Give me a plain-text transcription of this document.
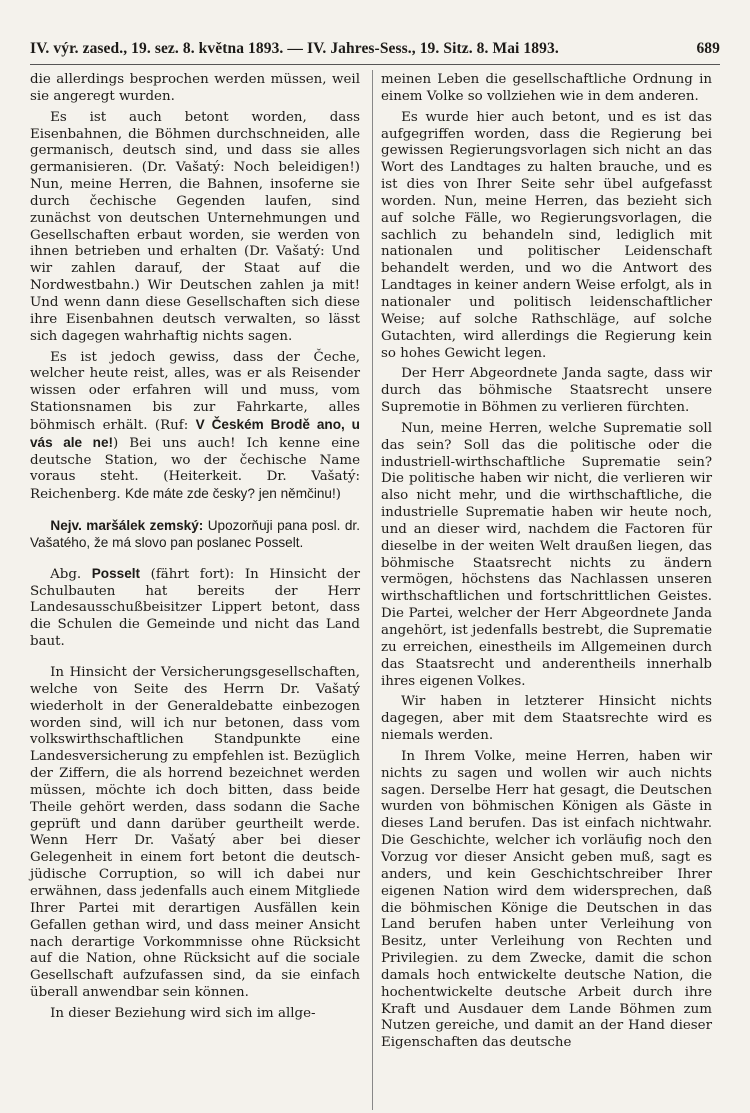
IV. výr. zased., 19. sez. 8. května 1893. — IV. Jahres-Sess., 19. Sitz. 8. Mai 1893.	689

die allerdings besprochen werden müssen, weil sie angeregt wurden.

Es ist auch betont worden, dass Eisenbahnen, die Böhmen durchschneiden, alle germanisch, deutsch sind, und dass sie alles germanisieren. (Dr. Vašatý: Noch beleidigen!) Nun, meine Herren, die Bahnen, insoferne sie durch čechische Gegenden laufen, sind zunächst von deutschen Unternehmungen und Gesellschaften erbaut worden, sie werden von ihnen betrieben und erhalten (Dr. Vašatý: Und wir zahlen darauf, der Staat auf die Nordwestbahn.) Wir Deutschen zahlen ja mit! Und wenn dann diese Gesellschaften sich diese ihre Eisenbahnen deutsch verwalten, so lässt sich dagegen wahrhaftig nichts sagen.

Es ist jedoch gewiss, dass der Čeche, welcher heute reist, alles, was er als Reisender wissen oder erfahren will und muss, vom Stationsnamen bis zur Fahrkarte, alles böhmisch erhält. (Ruf: V Českém Brodě ano, u vás ale ne!) Bei uns auch! Ich kenne eine deutsche Station, wo der čechische Name voraus steht. (Heiterkeit. Dr. Vašatý: Reichenberg. Kde máte zde česky? jen němčinu!)

Nejv. maršálek zemský: Upozorňuji pana posl. dr. Vašatého, že má slovo pan poslanec Posselt.

Abg. Posselt (fährt fort): In Hinsicht der Schulbauten hat bereits der Herr Landesausschußbeisitzer Lippert betont, dass die Schulen die Gemeinde und nicht das Land baut.

In Hinsicht der Versicherungsgesellschaften, welche von Seite des Herrn Dr. Vašatý wiederholt in der Generaldebatte einbezogen worden sind, will ich nur betonen, dass vom volkswirthschaftlichen Standpunkte eine Landesversicherung zu empfehlen ist. Bezüglich der Ziffern, die als horrend bezeichnet werden müssen, möchte ich doch bitten, dass beide Theile gehört werden, dass sodann die Sache geprüft und dann darüber geurtheilt werde. Wenn Herr Dr. Vašatý aber bei dieser Gelegenheit in einem fort betont die deutsch-jüdische Corruption, so will ich dabei nur erwähnen, dass jedenfalls auch einem Mitgliede Ihrer Partei mit derartigen Ausfällen kein Gefallen gethan wird, und dass meiner Ansicht nach derartige Vorkommnisse ohne Rücksicht auf die Nation, ohne Rücksicht auf die sociale Gesellschaft aufzufassen sind, da sie einfach überall anwendbar sein können.

In dieser Beziehung wird sich im allge-

meinen Leben die gesellschaftliche Ordnung in einem Volke so vollziehen wie in dem anderen.

Es wurde hier auch betont, und es ist das aufgegriffen worden, dass die Regierung bei gewissen Regierungsvorlagen sich nicht an das Wort des Landtages zu halten brauche, und es ist dies von Ihrer Seite sehr übel aufgefasst worden. Nun, meine Herren, das bezieht sich auf solche Fälle, wo Regierungsvorlagen, die sachlich zu behandeln sind, lediglich mit nationalen und politischer Leidenschaft behandelt werden, und wo die Antwort des Landtages in keiner andern Weise erfolgt, als in nationaler und politisch leidenschaftlicher Weise; auf solche Rathschläge, auf solche Gutachten, wird allerdings die Regierung kein so hohes Gewicht legen.

Der Herr Abgeordnete Janda sagte, dass wir durch das böhmische Staatsrecht unsere Supremotie in Böhmen zu verlieren fürchten.

Nun, meine Herren, welche Suprematie soll das sein? Soll das die politische oder die industriell-wirthschaftliche Suprematie sein? Die politische haben wir nicht, die verlieren wir also nicht mehr, und die wirthschaftliche, die industrielle Suprematie haben wir heute noch, und an dieser wird, nachdem die Factoren für dieselbe in der weiten Welt draußen liegen, das böhmische Staatsrecht nichts zu ändern vermögen, höchstens das Nachlassen unseren wirthschaftlichen und fortschrittlichen Geistes. Die Partei, welcher der Herr Abgeordnete Janda angehört, ist jedenfalls bestrebt, die Suprematie zu erreichen, einestheils im Allgemeinen durch das Staatsrecht und anderentheils innerhalb ihres eigenen Volkes.

Wir haben in letzterer Hinsicht nichts dagegen, aber mit dem Staatsrechte wird es niemals werden.

In Ihrem Volke, meine Herren, haben wir nichts zu sagen und wollen wir auch nichts sagen. Derselbe Herr hat gesagt, die Deutschen wurden von böhmischen Königen als Gäste in dieses Land berufen. Das ist einfach nichtwahr. Die Geschichte, welcher ich vorläufig noch den Vorzug vor dieser Ansicht geben muß, sagt es anders, und kein Geschichtschreiber Ihrer eigenen Nation wird dem widersprechen, daß die böhmischen Könige die Deutschen in das Land berufen haben unter Verleihung von Besitz, unter Verleihung von Rechten und Privilegien. zu dem Zwecke, damit die schon damals hoch entwickelte deutsche Nation, die hochentwickelte deutsche Arbeit durch ihre Kraft und Ausdauer dem Lande Böhmen zum Nutzen gereiche, und damit an der Hand dieser Eigenschaften das deutsche
